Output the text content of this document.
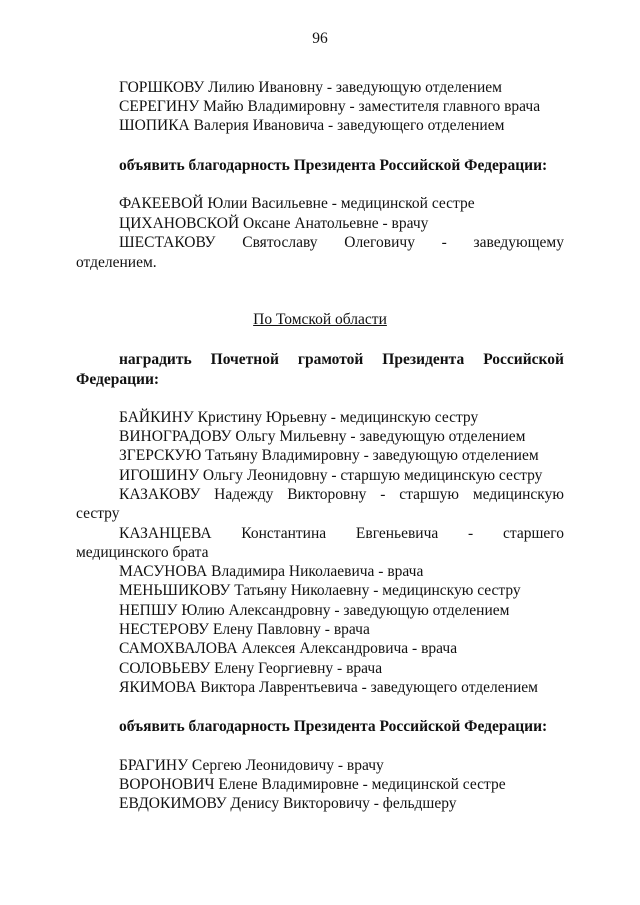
96
ГОРШКОВУ Лилию Ивановну - заведующую отделением
СЕРЕГИНУ Майю Владимировну - заместителя главного врача
ШОПИКА Валерия Ивановича - заведующего отделением
объявить благодарность Президента Российской Федерации:
ФАКЕЕВОЙ Юлии Васильевне - медицинской сестре
ЦИХАНОВСКОЙ Оксане Анатольевне - врачу
ШЕСТАКОВУ Святославу Олеговичу - заведующему
отделением.
По Томской области
наградить Почетной грамотой Президента Российской
Федерации:
БАЙКИНУ Кристину Юрьевну - медицинскую сестру
ВИНОГРАДОВУ Ольгу Мильевну - заведующую отделением
ЗГЕРСКУЮ Татьяну Владимировну - заведующую отделением
ИГОШИНУ Ольгу Леонидовну - старшую медицинскую сестру
КАЗАКОВУ Надежду Викторовну - старшую медицинскую
сестру
КАЗАНЦЕВА Константина Евгеньевича - старшего
медицинского брата
МАСУНОВА Владимира Николаевича - врача
МЕНЬШИКОВУ Татьяну Николаевну - медицинскую сестру
НЕПШУ Юлию Александровну - заведующую отделением
НЕСТЕРОВУ Елену Павловну - врача
САМОХВАЛОВА Алексея Александровича - врача
СОЛОВЬЕВУ Елену Георгиевну - врача
ЯКИМОВА Виктора Лаврентьевича - заведующего отделением
объявить благодарность Президента Российской Федерации:
БРАГИНУ Сергею Леонидовичу - врачу
ВОРОНОВИЧ Елене Владимировне - медицинской сестре
ЕВДОКИМОВУ Денису Викторовичу - фельдшеру
